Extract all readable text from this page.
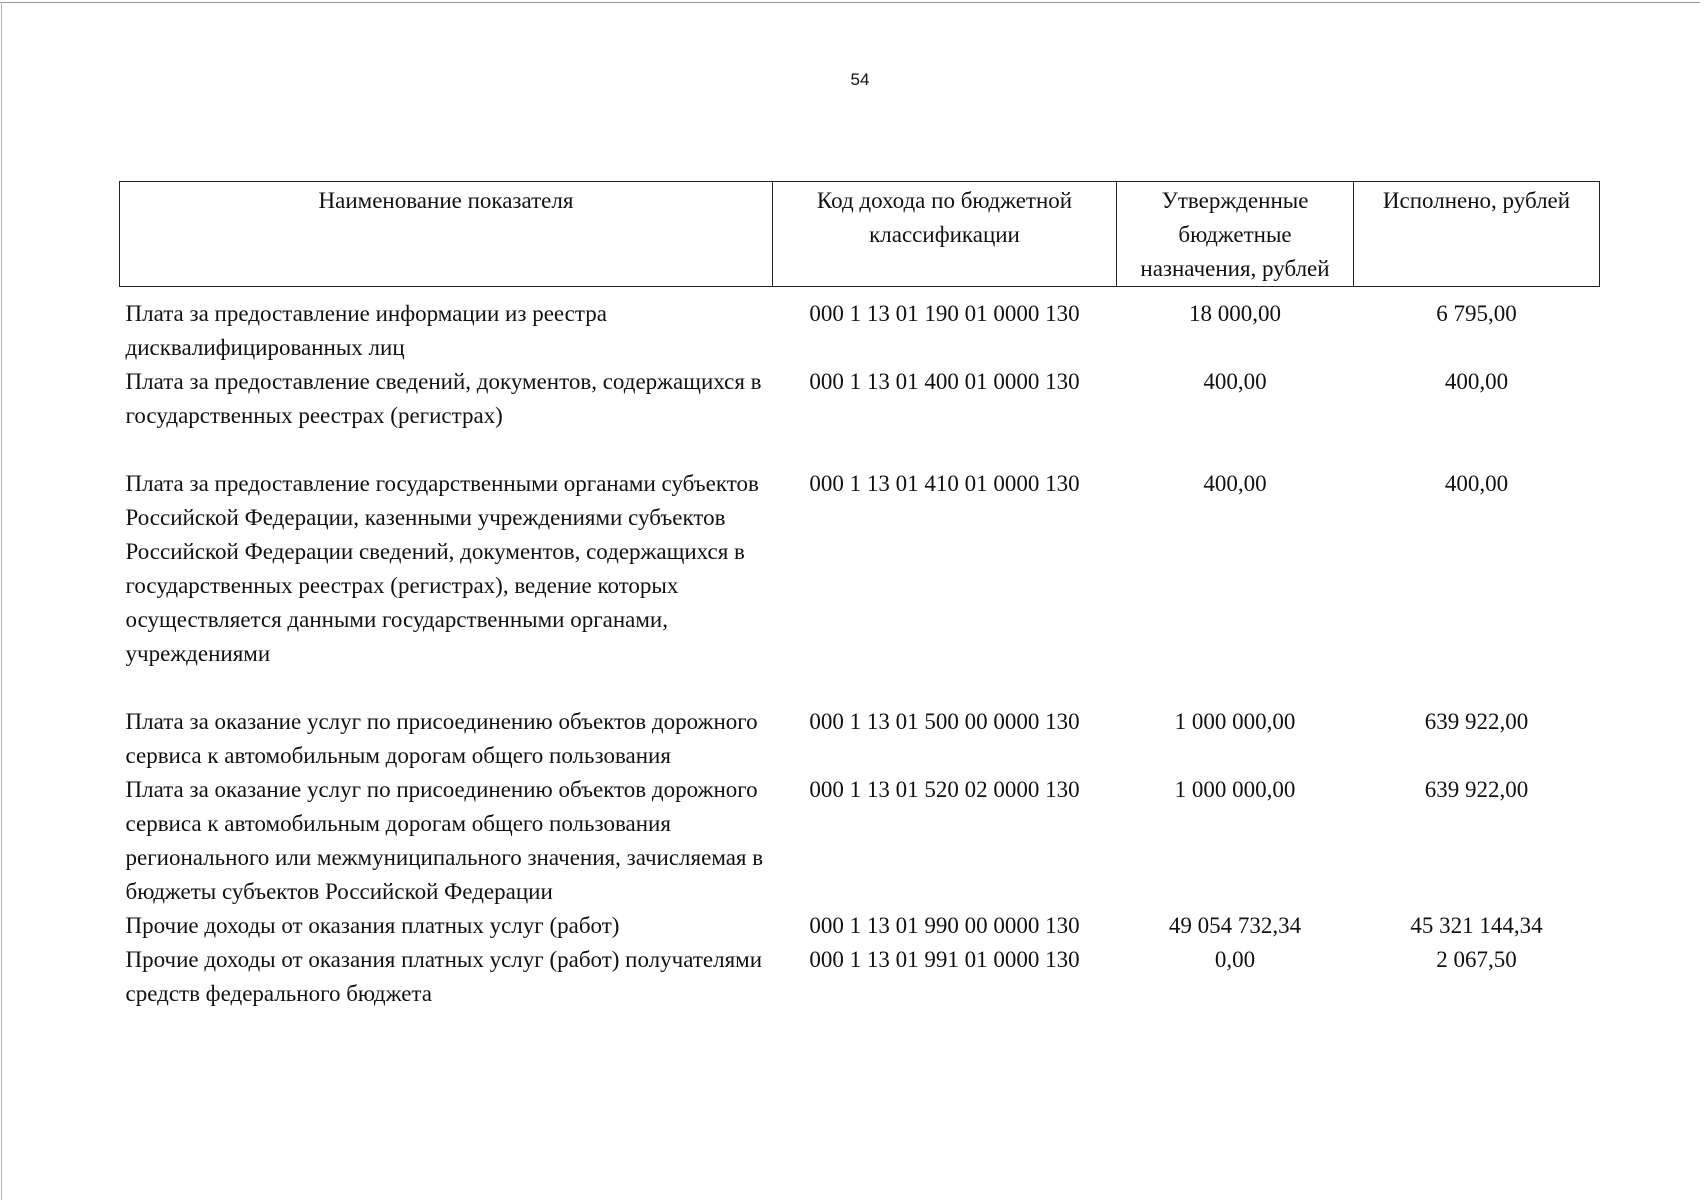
54
Наименование показателя	Код дохода по бюджетной классификации	Утвержденные бюджетные назначения, рублей	Исполнено, рублей
Плата за предоставление информации из реестра дисквалифицированных лиц	000 1 13 01 190 01 0000 130	18 000,00	6 795,00
Плата за предоставление сведений, документов, содержащихся в государственных реестрах (регистрах)	000 1 13 01 400 01 0000 130	400,00	400,00
Плата за предоставление государственными органами субъектов Российской Федерации, казенными учреждениями субъектов Российской Федерации сведений, документов, содержащихся в государственных реестрах (регистрах), ведение которых осуществляется данными государственными органами, учреждениями	000 1 13 01 410 01 0000 130	400,00	400,00
Плата за оказание услуг по присоединению объектов дорожного сервиса к автомобильным дорогам общего пользования	000 1 13 01 500 00 0000 130	1 000 000,00	639 922,00
Плата за оказание услуг по присоединению объектов дорожного сервиса к автомобильным дорогам общего пользования регионального или межмуниципального значения, зачисляемая в бюджеты субъектов Российской Федерации	000 1 13 01 520 02 0000 130	1 000 000,00	639 922,00
Прочие доходы от оказания платных услуг (работ)	000 1 13 01 990 00 0000 130	49 054 732,34	45 321 144,34
Прочие доходы от оказания платных услуг (работ) получателями средств федерального бюджета	000 1 13 01 991 01 0000 130	0,00	2 067,50
